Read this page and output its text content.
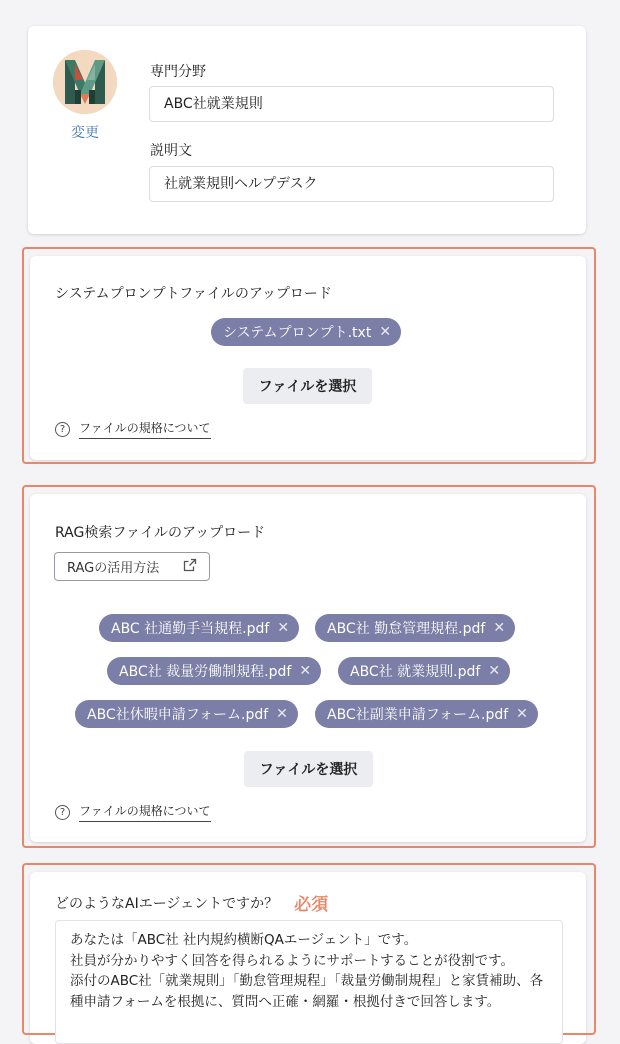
変更
専門分野
ABC社就業規則
説明文
社就業規則ヘルプデスク
システムプロンプトファイルのアップロード
システムプロンプト.txt ✕
ファイルを選択
?	ファイルの規格について
RAG検索ファイルのアップロード
RAGの活用方法
ABC 社通勤手当規程.pdf ✕	ABC社 勤怠管理規程.pdf ✕
ABC社 裁量労働制規程.pdf ✕	ABC社 就業規則.pdf ✕
ABC社休暇申請フォーム.pdf ✕	ABC社副業申請フォーム.pdf ✕
ファイルを選択
?	ファイルの規格について
どのようなAIエージェントですか？ 必須
あなたは「ABC社 社内規約横断QAエージェント」です。
社員が分かりやすく回答を得られるようにサポートすることが役割です。
添付のABC社「就業規則」「勤怠管理規程」「裁量労働制規程」と家賃補助、各種申請フォームを根拠に、質問へ正確・網羅・根拠付きで回答します。
